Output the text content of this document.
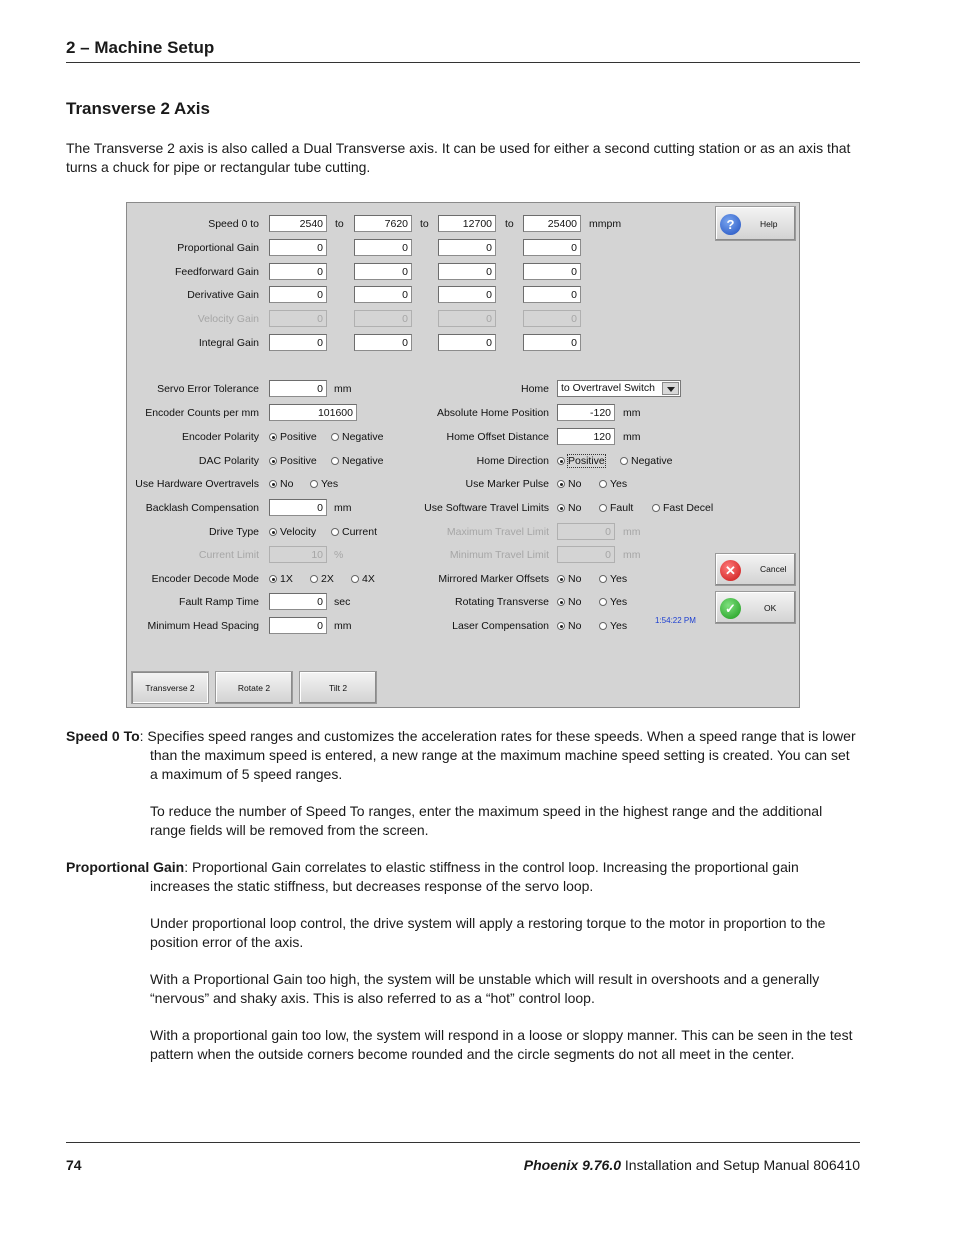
2 – Machine Setup
Transverse 2 Axis
The Transverse 2 axis is also called a Dual Transverse axis. It can be used for either a second cutting station or as an axis that turns a chuck for pipe or rectangular tube cutting.
Speed 0 to	2540	to	7620	to	12700	to	25400	mmpm
Proportional Gain	0	0	0	0
Feedforward Gain	0	0	0	0
Derivative Gain	0	0	0	0
Velocity Gain	0	0	0	0
Integral Gain	0	0	0	0
Servo Error Tolerance	0	mm
Encoder Counts per mm	101600
Encoder Polarity	Positive	Negative
DAC Polarity	Positive	Negative
Use Hardware Overtravels	No	Yes
Backlash Compensation	0	mm
Drive Type	Velocity	Current
Current Limit	10	%
Encoder Decode Mode	1X	2X	4X
Fault Ramp Time	0	sec
Minimum Head Spacing	0	mm
Home	to Overtravel Switch
Absolute Home Position	-120	mm
Home Offset Distance	120	mm
Home Direction	Positive	Negative
Use Marker Pulse	No	Yes
Use Software Travel Limits	No	Fault	Fast Decel
Maximum Travel Limit	0	mm
Minimum Travel Limit	0	mm
Mirrored Marker Offsets	No	Yes
Rotating Transverse	No	Yes
Laser Compensation	No	Yes	1:54:22 PM
?	Help
✕	Cancel
✓	OK
Transverse 2	Rotate 2	Tilt 2

Speed 0 To: Specifies speed ranges and customizes the acceleration rates for these speeds. When a speed range that is lower than the maximum speed is entered, a new range at the maximum machine speed setting is created. You can set a maximum of 5 speed ranges.

To reduce the number of Speed To ranges, enter the maximum speed in the highest range and the additional range fields will be removed from the screen.

Proportional Gain: Proportional Gain correlates to elastic stiffness in the control loop. Increasing the proportional gain increases the static stiffness, but decreases response of the servo loop.

Under proportional loop control, the drive system will apply a restoring torque to the motor in proportion to the position error of the axis.
With a Proportional Gain too high, the system will be unstable which will result in overshoots and a generally “nervous” and shaky axis. This is also referred to as a “hot” control loop.
With a proportional gain too low, the system will respond in a loose or sloppy manner. This can be seen in the test pattern when the outside corners become rounded and the circle segments do not all meet in the center.
74	Phoenix 9.76.0 Installation and Setup Manual 806410
